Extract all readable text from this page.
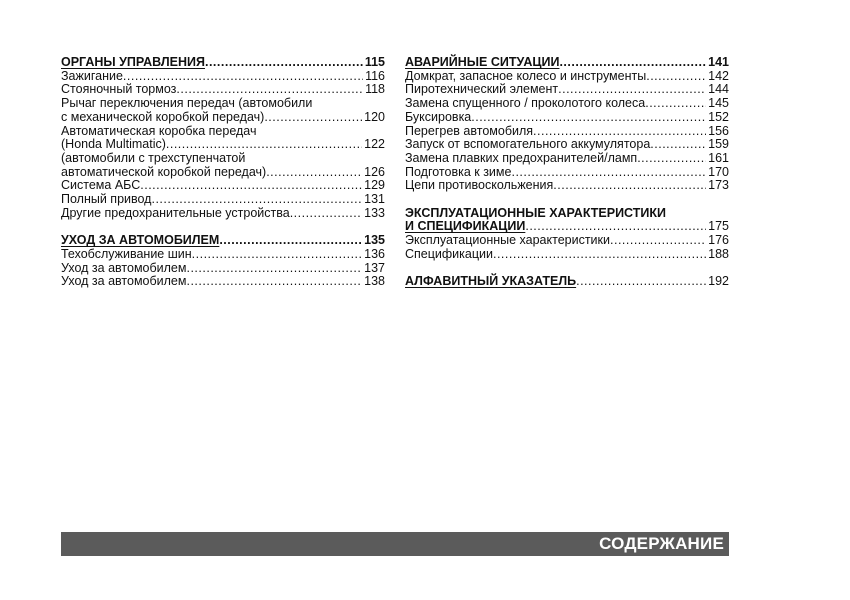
ОРГАНЫ УПРАВЛЕНИЯ .....	115
Зажигание .....	116
Стояночный тормоз .....	118
Рычаг переключения передач (автомобили
с механической коробкой передач) .....	120
Автоматическая коробка передач
(Honda Multimatic) .....	122
(автомобили с трехступенчатой
автоматической коробкой передач) .....	126
Система АБС .....	129
Полный привод .....	131
Другие предохранительные устройства .....	133
УХОД ЗА АВТОМОБИЛЕМ .....	135
Техобслуживание шин .....	136
Уход за автомобилем .....	137
Уход за автомобилем .....	138
АВАРИЙНЫЕ СИТУАЦИИ .....	141
Домкрат, запасное колесо и инструменты .....	142
Пиротехнический элемент .....	144
Замена спущенного / проколотого колеса .....	145
Буксировка .....	152
Перегрев автомобиля .....	156
Запуск от вспомогательного аккумулятора .....	159
Замена плавких предохранителей/ламп .....	161
Подготовка к зиме .....	170
Цепи противоскольжения .....	173
ЭКСПЛУАТАЦИОННЫЕ ХАРАКТЕРИСТИКИ
И СПЕЦИФИКАЦИИ .....	175
Эксплуатационные характеристики .....	176
Спецификации .....	188
АЛФАВИТНЫЙ УКАЗАТЕЛЬ .....	192
СОДЕРЖАНИЕ
